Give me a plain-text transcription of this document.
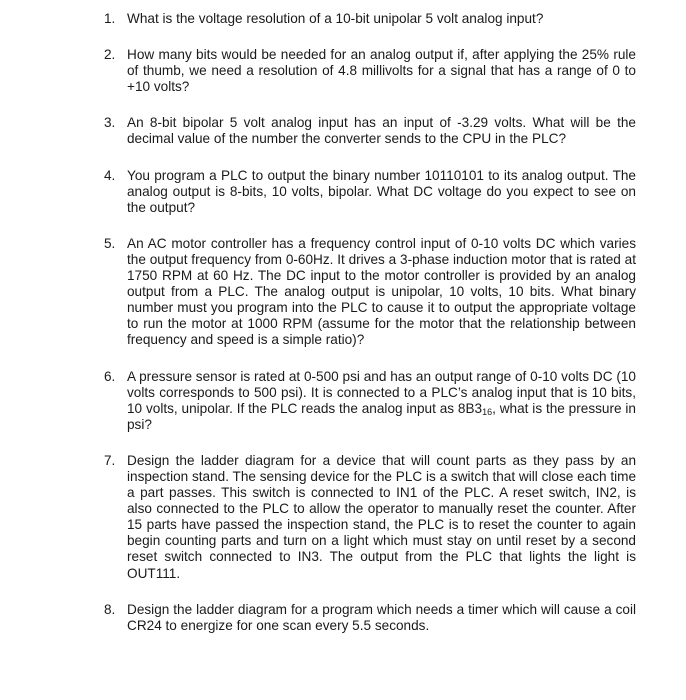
1. What is the voltage resolution of a 10-bit unipolar 5 volt analog input?
2. How many bits would be needed for an analog output if, after applying the 25% rule of thumb, we need a resolution of 4.8 millivolts for a signal that has a range of 0 to +10 volts?
3. An 8-bit bipolar 5 volt analog input has an input of -3.29 volts. What will be the decimal value of the number the converter sends to the CPU in the PLC?
4. You program a PLC to output the binary number 10110101 to its analog output. The analog output is 8-bits, 10 volts, bipolar. What DC voltage do you expect to see on the output?
5. An AC motor controller has a frequency control input of 0-10 volts DC which varies the output frequency from 0-60Hz. It drives a 3-phase induction motor that is rated at 1750 RPM at 60 Hz. The DC input to the motor controller is provided by an analog output from a PLC. The analog output is unipolar, 10 volts, 10 bits. What binary number must you program into the PLC to cause it to output the appropriate voltage to run the motor at 1000 RPM (assume for the motor that the relationship between frequency and speed is a simple ratio)?
6. A pressure sensor is rated at 0-500 psi and has an output range of 0-10 volts DC (10 volts corresponds to 500 psi). It is connected to a PLC’s analog input that is 10 bits, 10 volts, unipolar. If the PLC reads the analog input as $8B3_{16}$, what is the pressure in psi?
7. Design the ladder diagram for a device that will count parts as they pass by an inspection stand. The sensing device for the PLC is a switch that will close each time a part passes. This switch is connected to IN1 of the PLC. A reset switch, IN2, is also connected to the PLC to allow the operator to manually reset the counter. After 15 parts have passed the inspection stand, the PLC is to reset the counter to again begin counting parts and turn on a light which must stay on until reset by a second reset switch connected to IN3. The output from the PLC that lights the light is OUT111.
8. Design the ladder diagram for a program which needs a timer which will cause a coil CR24 to energize for one scan every 5.5 seconds.
